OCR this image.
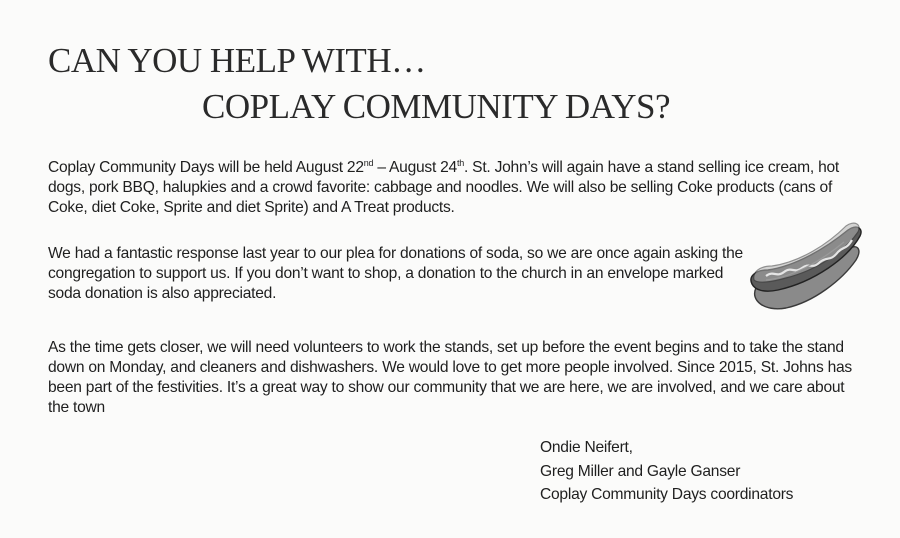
CAN YOU HELP WITH…
COPLAY COMMUNITY DAYS?

Coplay Community Days will be held August 22nd – August 24th. St. John’s will again have a stand selling ice cream, hot dogs, pork BBQ, halupkies and a crowd favorite: cabbage and noodles. We will also be selling Coke products (cans of Coke, diet Coke, Sprite and diet Sprite) and A Treat products.

We had a fantastic response last year to our plea for donations of soda, so we are once again asking the congregation to support us. If you don’t want to shop, a donation to the church in an envelope marked soda donation is also appreciated.

As the time gets closer, we will need volunteers to work the stands, set up before the event begins and to take the stand down on Monday, and cleaners and dishwashers. We would love to get more people involved. Since 2015, St. Johns has been part of the festivities. It’s a great way to show our community that we are here, we are involved, and we care about the town

Ondie Neifert,
Greg Miller and Gayle Ganser
Coplay Community Days coordinators
